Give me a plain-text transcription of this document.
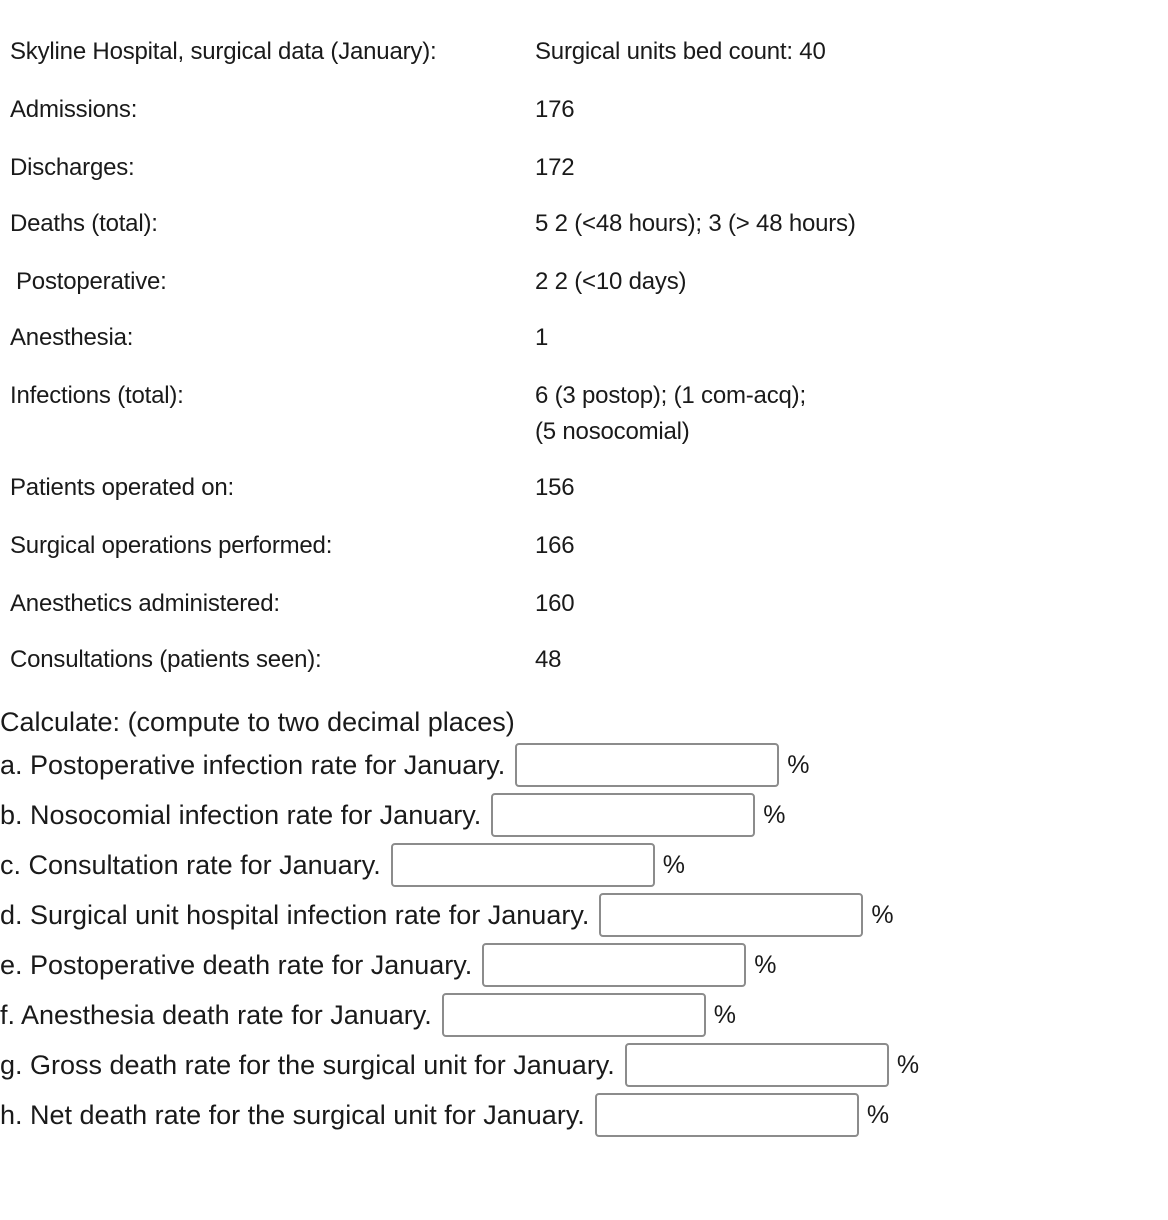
Skyline Hospital, surgical data (January):	Surgical units bed count: 40
Admissions:	176
Discharges:	172
Deaths (total):	5 2 (<48 hours); 3 (> 48 hours)
Postoperative:	2 2 (<10 days)
Anesthesia:	1
Infections (total):	6 (3 postop); (1 com-acq);
(5 nosocomial)
Patients operated on:	156
Surgical operations performed:	166
Anesthetics administered:	160
Consultations (patients seen):	48
Calculate: (compute to two decimal places)
a. Postoperative infection rate for January.	%
b. Nosocomial infection rate for January.	%
c. Consultation rate for January.	%
d. Surgical unit hospital infection rate for January.	%
e. Postoperative death rate for January.	%
f. Anesthesia death rate for January.	%
g. Gross death rate for the surgical unit for January.	%
h. Net death rate for the surgical unit for January.	%
